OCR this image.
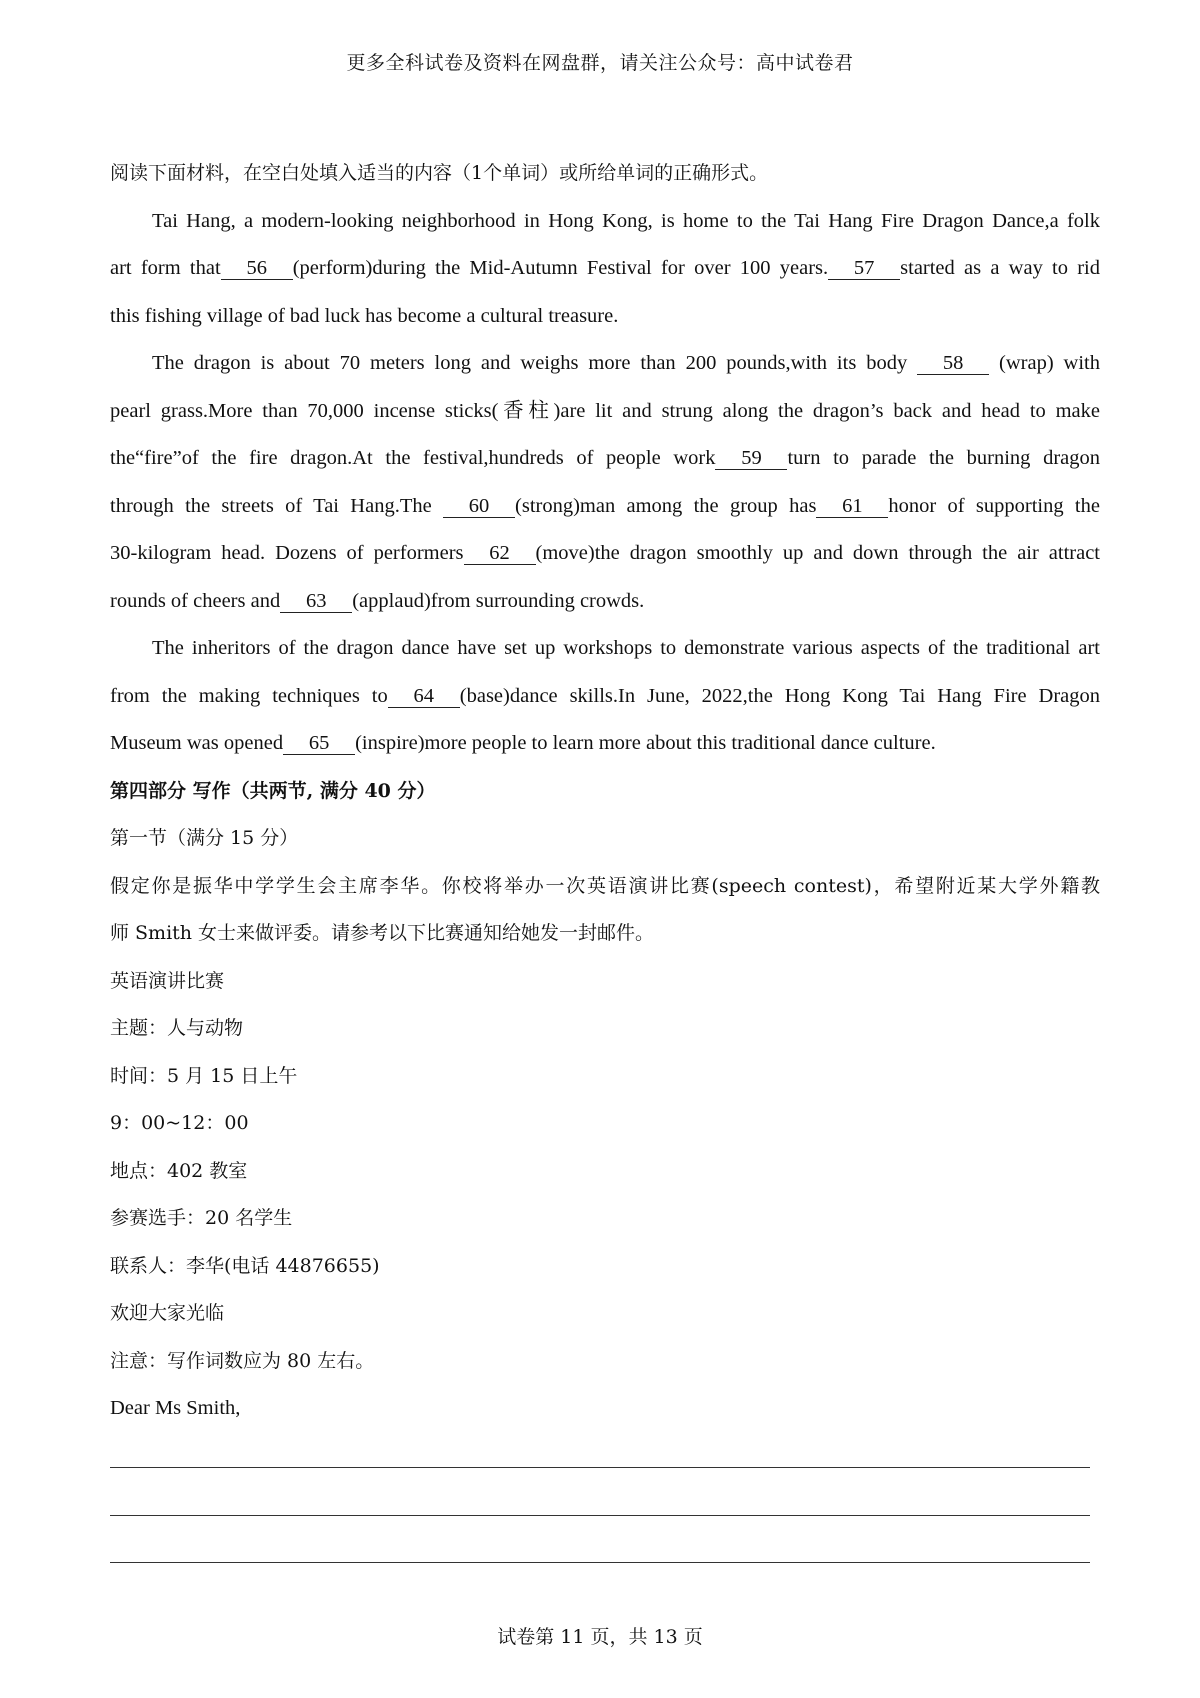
更多全科试卷及资料在网盘群，请关注公众号：高中试卷君
阅读下面材料，在空白处填入适当的内容（1个单词）或所给单词的正确形式。
Tai Hang, a modern-looking neighborhood in Hong Kong, is home to the Tai Hang Fire Dragon Dance,a folk
art form that 56 (perform)during the Mid-Autumn Festival for over 100 years. 57 started as a way to rid
this fishing village of bad luck has become a cultural treasure.
The dragon is about 70 meters long and weighs more than 200 pounds,with its body 58 (wrap) with
pearl grass.More than 70,000 incense sticks(香柱)are lit and strung along the dragon’s back and head to make
the“fire”of the fire dragon.At the festival,hundreds of people work 59 turn to parade the burning dragon
through the streets of Tai Hang.The 60 (strong)man among the group has 61 honor of supporting the
30-kilogram head. Dozens of performers 62 (move)the dragon smoothly up and down through the air attract
rounds of cheers and 63 (applaud)from surrounding crowds.
The inheritors of the dragon dance have set up workshops to demonstrate various aspects of the traditional art
from the making techniques to 64 (base)dance skills.In June, 2022,the Hong Kong Tai Hang Fire Dragon
Museum was opened 65 (inspire)more people to learn more about this traditional dance culture.
第四部分 写作（共两节, 满分 40 分）
第一节（满分 15 分）
假定你是振华中学学生会主席李华。你校将举办一次英语演讲比赛(speech contest)，希望附近某大学外籍教
师 Smith 女士来做评委。请参考以下比赛通知给她发一封邮件。
英语演讲比赛
主题：人与动物
时间：5 月 15 日上午
9：00~12：00
地点：402 教室
参赛选手：20 名学生
联系人：李华(电话 44876655)
欢迎大家光临
注意：写作词数应为 80 左右。
Dear Ms Smith,
试卷第 11 页，共 13 页
